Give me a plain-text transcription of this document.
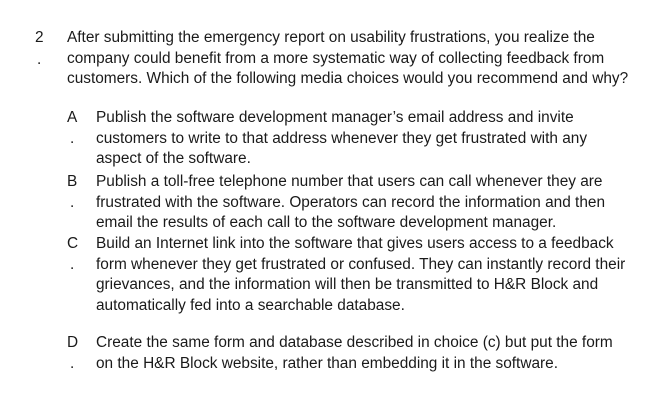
2
.
After submitting the emergency report on usability frustrations, you realize the company could benefit from a more systematic way of collecting feedback from customers. Which of the following media choices would you recommend and why?
A
.
Publish the software development manager’s email address and invite customers to write to that address whenever they get frustrated with any aspect of the software.
B
.
Publish a toll-free telephone number that users can call whenever they are frustrated with the software. Operators can record the information and then email the results of each call to the software development manager.
C
.
Build an Internet link into the software that gives users access to a feedback form whenever they get frustrated or confused. They can instantly record their grievances, and the information will then be transmitted to H&R Block and automatically fed into a searchable database.
D
.
Create the same form and database described in choice (c) but put the form on the H&R Block website, rather than embedding it in the software.
